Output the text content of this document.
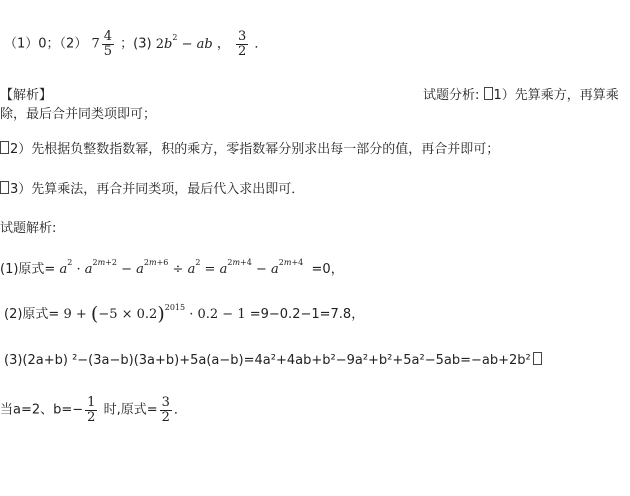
（1）0；（2） $7 \frac{4}{5}$ ；(3) $2b^2$ − ab ， $\frac{3}{2}$ ．
【解析】	试题分析: 1）先算乘方，再算乘
除，最后合并同类项即可；
2）先根据负整数指数幂，积的乘方，零指数幂分别求出每一部分的值，再合并即可；
3）先算乘法，再合并同类项，最后代入求出即可．
试题解析:
(1)原式= $a^2 \cdot a^{2m+2} - a^{2m+6} \div a^2 = a^{2m+4} - a^{2m+4} =0$，
(2)原式= $9 + (-5 \times 0.2)^{2015} \cdot 0.2 - 1 =9-0.2-1=7.8$，
(3)(2a+b) ²−(3a−b)(3a+b)+5a(a−b)=4a²+4ab+b²−9a²+b²+5a²−5ab=−ab+2b²
当a=2、$b=- \frac{1}{2}$ 时,原式= $\frac{3}{2}$ ．
